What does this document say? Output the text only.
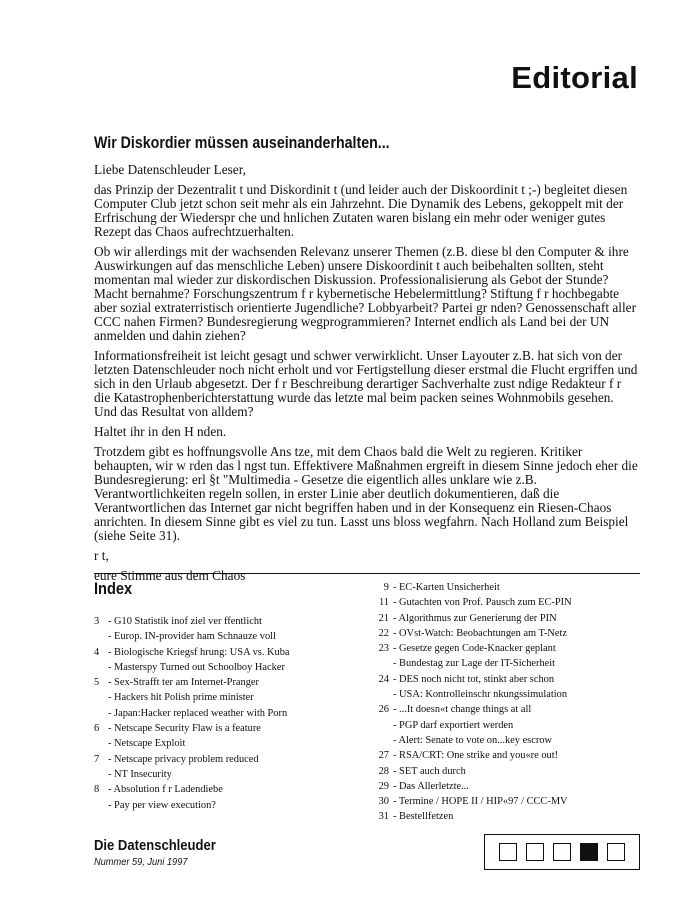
Editorial
Wir Diskordier müssen auseinanderhalten...

Liebe Datenschleuder Leser,

das Prinzip der Dezentralit t und Diskordinit t (und leider auch der Diskoordinit t ;-) begleitet diesen Computer Club jetzt schon seit mehr als ein Jahrzehnt. Die Dynamik des Lebens, gekoppelt mit der Erfrischung der Wiederspr che und hnlichen Zutaten waren bislang ein mehr oder weniger gutes Rezept das Chaos aufrechtzuerhalten.

Ob wir allerdings mit der wachsenden Relevanz unserer Themen (z.B. diese bl den Computer & ihre Auswirkungen auf das menschliche Leben) unsere Diskoordinit t auch beibehalten sollten, steht momentan mal wieder zur diskordischen Diskussion. Professionalisierung als Gebot der Stunde? Macht bernahme? Forschungszentrum f r kybernetische Hebelermittlung? Stiftung f r hochbegabte aber sozial extraterristisch orientierte Jugendliche? Lobbyarbeit? Partei gr nden? Genossenschaft aller CCC nahen Firmen? Bundesregierung wegprogrammieren? Internet endlich als Land bei der UN anmelden und dahin ziehen?

Informationsfreiheit ist leicht gesagt und schwer verwirklicht. Unser Layouter z.B. hat sich von der letzten Datenschleuder noch nicht erholt und vor Fertigstellung dieser erstmal die Flucht ergriffen und sich in den Urlaub abgesetzt. Der f r Beschreibung derartiger Sachverhalte zust ndige Redakteur f r die Katastrophenberichterstattung wurde das letzte mal beim packen seines Wohnmobils gesehen. Und das Resultat von alldem?

Haltet ihr in den H nden.

Trotzdem gibt es hoffnungsvolle Ans tze, mit dem Chaos bald die Welt zu regieren. Kritiker behaupten, wir w rden das l ngst tun. Effektivere Maßnahmen ergreift in diesem Sinne jedoch eher die Bundesregierung: erl §t "Multimedia - Gesetze die eigentlich alles unklare wie z.B. Verantwortlichkeiten regeln sollen, in erster Linie aber deutlich dokumentieren, daß die Verantwortlichen das Internet gar nicht begriffen haben und in der Konsequenz ein Riesen-Chaos anrichten. In diesem Sinne gibt es viel zu tun. Lasst uns bloss wegfahrn. Nach Holland zum Beispiel (siehe Seite 31).

r t,

eure Stimme aus dem Chaos

Index
3 - G10 Statistik inof ziel ver ffentlicht
- Europ. IN-provider ham Schnauze voll
4 - Biologische Kriegsf hrung: USA vs. Kuba
- Masterspy Turned out Schoolboy Hacker
5 - Sex-Strafft ter am Internet-Pranger
- Hackers hit Polish prime minister
- Japan:Hacker replaced weather with Porn
6 - Netscape Security Flaw is a feature
- Netscape Exploit
7 - Netscape privacy problem reduced
- NT Insecurity
8 - Absolution f r Ladendiebe
- Pay per view execution?
9 - EC-Karten Unsicherheit
11 - Gutachten von Prof. Pausch zum EC-PIN
21 - Algorithmus zur Generierung der PIN
22 - OVst-Watch: Beobachtungen am T-Netz
23 - Gesetze gegen Code-Knacker geplant
- Bundestag zur Lage der IT-Sicherheit
24 - DES noch nicht tot, stinkt aber schon
- USA: Kontrolleinschr nkungssimulation
26 - ...It doesn«t change things at all
- PGP darf exportiert werden
- Alert: Senate to vote on...key escrow
27 - RSA/CRT: One strike and you«re out!
28 - SET auch durch
29 - Das Allerletzte...
30 - Termine / HOPE II / HIP«97 / CCC-MV
31 - Bestellfetzen
Die Datenschleuder
Nummer 59, Juni 1997
